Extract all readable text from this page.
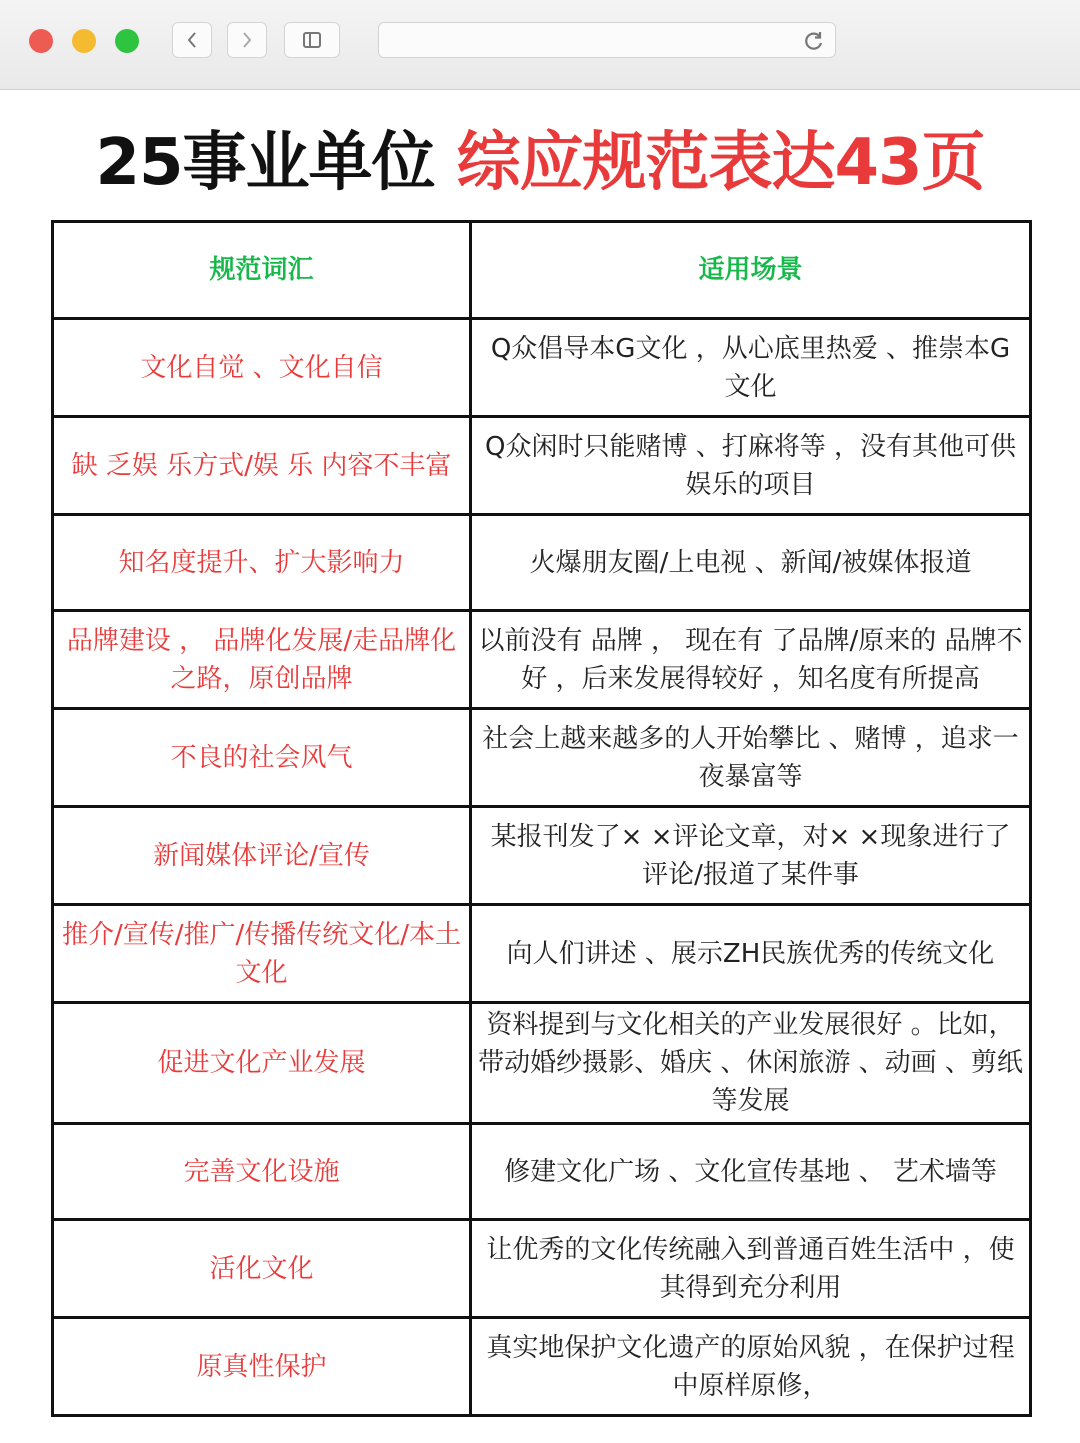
25事业单位 综应规范表达43页
规范词汇	适用场景
文化自觉 、文化自信	Q众倡导本G文化 ，从心底里热爱 、推崇本G文化
缺 乏娱 乐方式/娱 乐 内容不丰富	Q众闲时只能赌博 、打麻将等 ，没有其他可供娱乐的项目
知名度提升、扩大影响力	火爆朋友圈/上电视 、新闻/被媒体报道
品牌建设 ， 品牌化发展/走品牌化之路，原创品牌	以前没有 品牌 ， 现在有 了品牌/原来的 品牌不好 ，后来发展得较好 ，知名度有所提高
不良的社会风气	社会上越来越多的人开始攀比 、赌博 ，追求一夜暴富等
新闻媒体评论/宣传	某报刊发了× ×评论文章，对× ×现象进行了评论/报道了某件事
推介/宣传/推广/传播传统文化/本土文化	向人们讲述 、展示ZH民族优秀的传统文化
促进文化产业发展	资料提到与文化相关的产业发展很好 。比如，带动婚纱摄影、婚庆 、休闲旅游 、动画 、剪纸等发展
完善文化设施	修建文化广场 、文化宣传基地 、 艺术墙等
活化文化	让优秀的文化传统融入到普通百姓生活中 ，使其得到充分利用
原真性保护	真实地保护文化遗产的原始风貌 ，在保护过程中原样原修，
